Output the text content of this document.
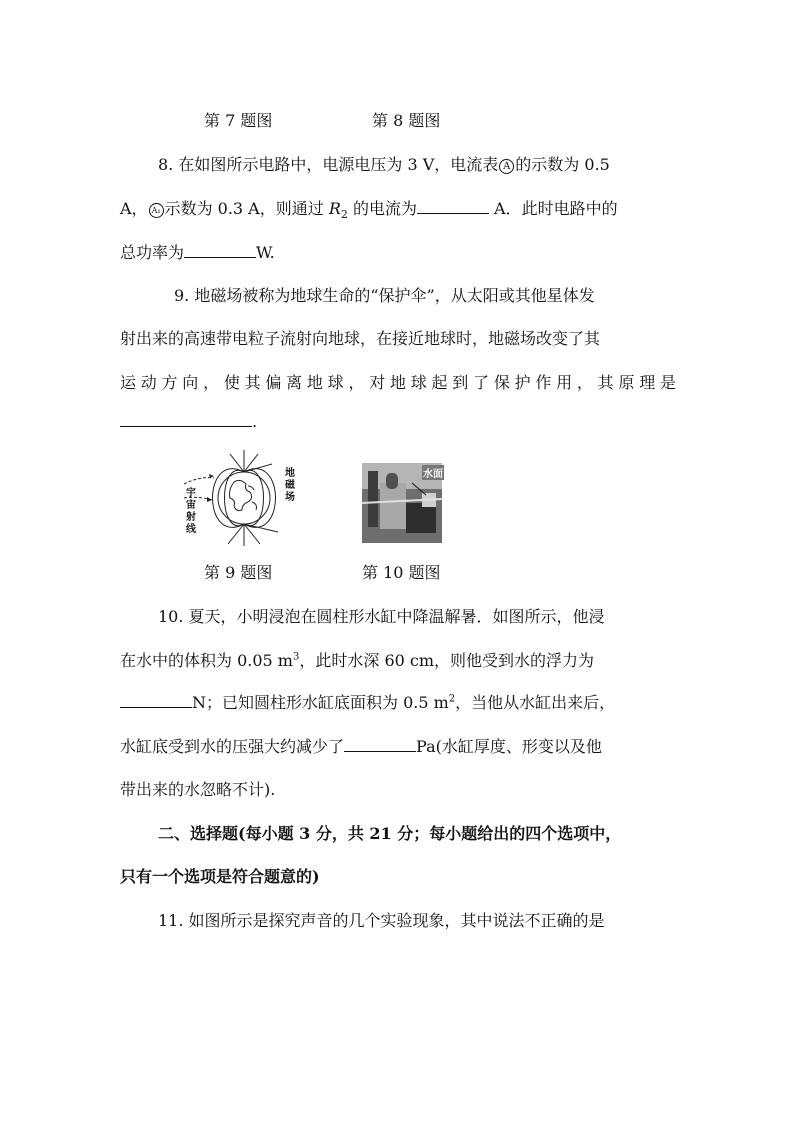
第 7 题图	第 8 题图
8. 在如图所示电路中，电源电压为 3 V，电流表 A 的示数为 0.5
A， A₁ 示数为 0.3 A，则通过 $R_2$ 的电流为	A．此时电路中的
总功率为	W.
9. 地磁场被称为地球生命的“保护伞”，从太阳或其他星体发
射出来的高速带电粒子流射向地球，在接近地球时，地磁场改变了其
运动方向，使其偏离地球，对地球起到了保护作用，其原理是
.
宇
宙
射
线
地
磁
场
水面
第 9 题图	第 10 题图
10. 夏天，小明浸泡在圆柱形水缸中降温解暑．如图所示，他浸
在水中的体积为 0.05 $m^3$，此时水深 60 cm，则他受到水的浮力为
N；已知圆柱形水缸底面积为 0.5 $m^2$，当他从水缸出来后，
水缸底受到水的压强大约减少了	Pa(水缸厚度、形变以及他
带出来的水忽略不计).
二、选择题(每小题 3 分，共 21 分；每小题给出的四个选项中，
只有一个选项是符合题意的)
11. 如图所示是探究声音的几个实验现象，其中说法不正确的是
